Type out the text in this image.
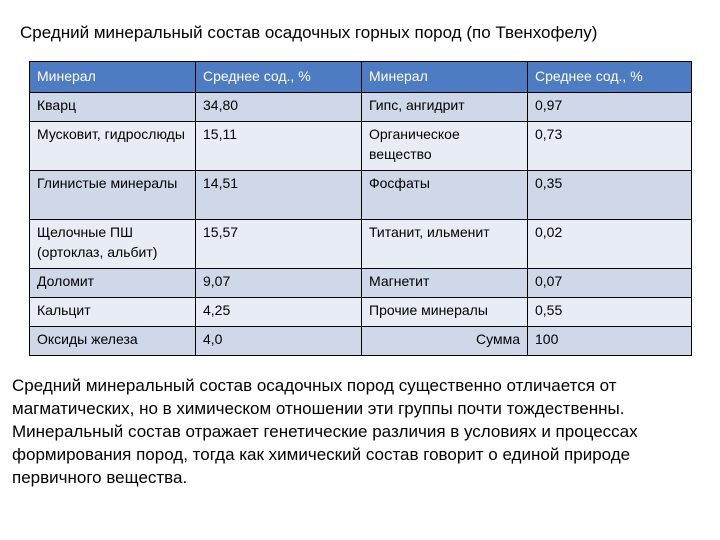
Средний минеральный состав осадочных горных пород (по Твенхофелу)
Минерал	Среднее сод., %	Минерал	Среднее сод., %
Кварц	34,80	Гипс, ангидрит	0,97
Мусковит, гидрослюды	15,11	Органическое вещество	0,73
Глинистые минералы	14,51	Фосфаты	0,35
Щелочные ПШ (ортоклаз, альбит)	15,57	Титанит, ильменит	0,02
Доломит	9,07	Магнетит	0,07
Кальцит	4,25	Прочие минералы	0,55
Оксиды железа	4,0	Сумма	100

Средний минеральный состав осадочных пород существенно отличается от магматических, но в химическом отношении эти группы почти тождественны.

Минеральный состав отражает генетические различия в условиях и процессах формирования пород, тогда как химический состав говорит о единой природе первичного вещества.
